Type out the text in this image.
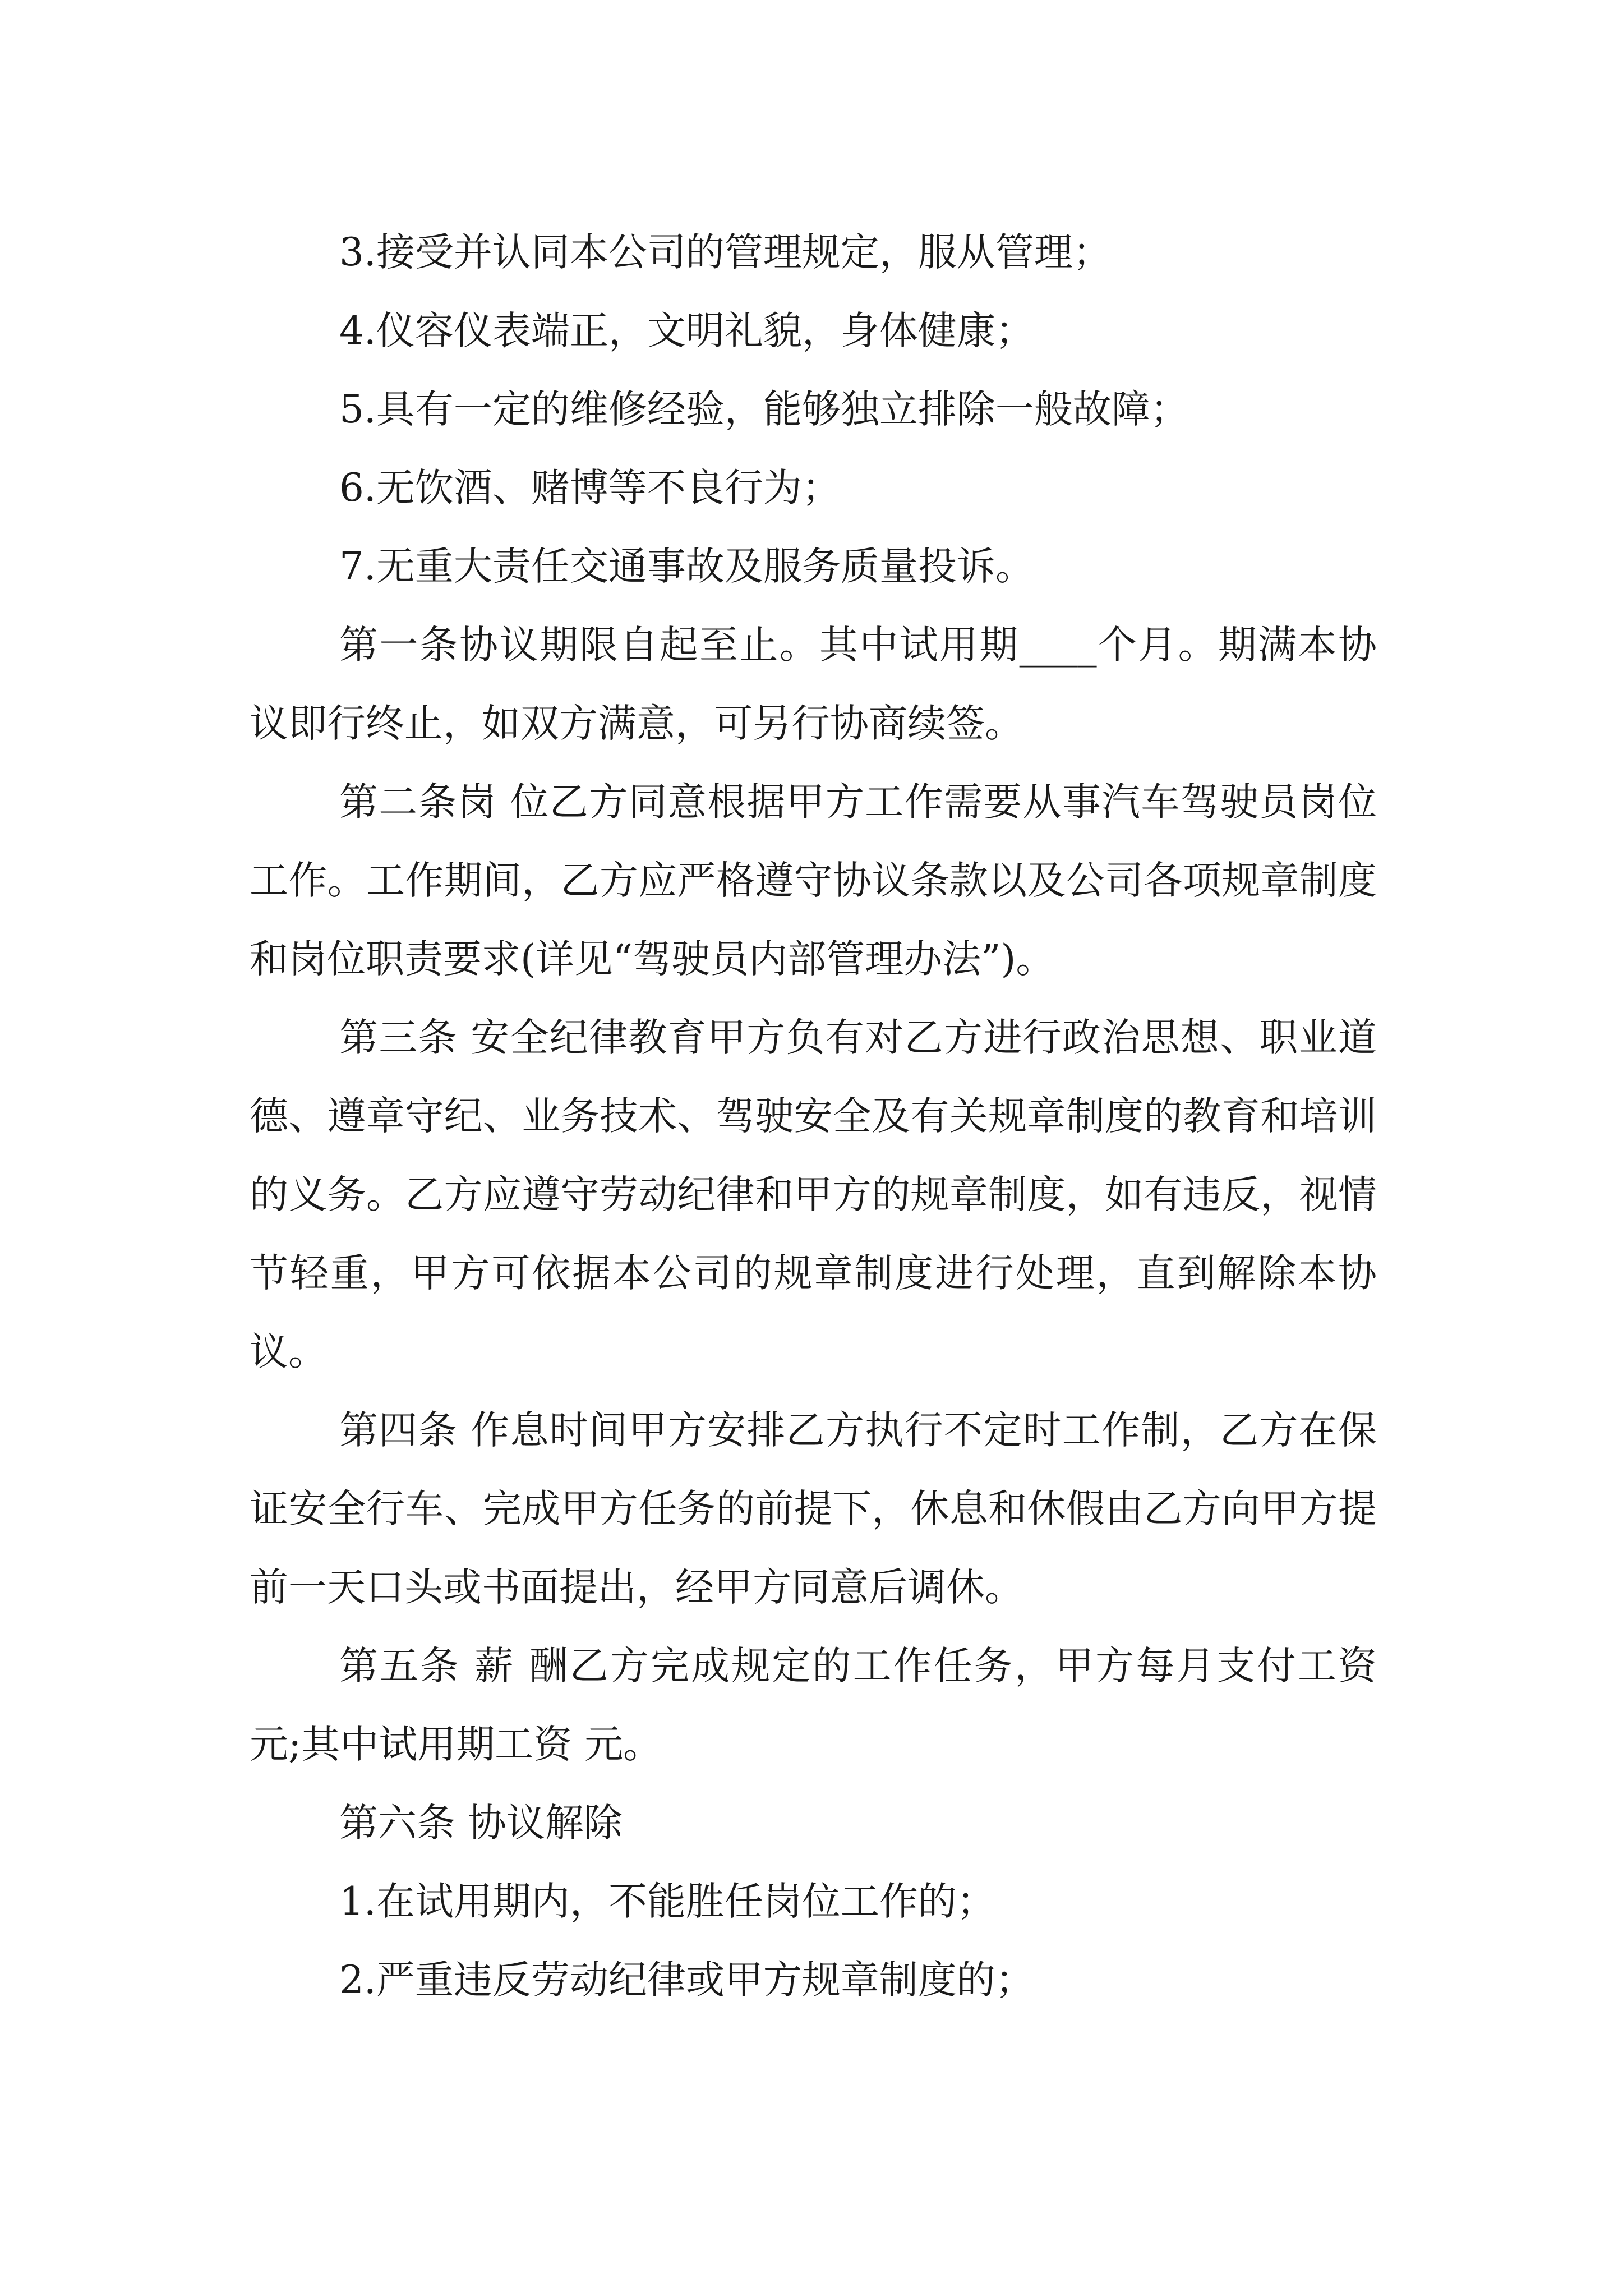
3.接受并认同本公司的管理规定，服从管理；

4.仪容仪表端正，文明礼貌，身体健康；

5.具有一定的维修经验，能够独立排除一般故障；

6.无饮酒、赌博等不良行为；

7.无重大责任交通事故及服务质量投诉。

第一条协议期限自起至止。其中试用期____个月。期满本协议即行终止，如双方满意，可另行协商续签。

第二条岗 位乙方同意根据甲方工作需要从事汽车驾驶员岗位工作。工作期间，乙方应严格遵守协议条款以及公司各项规章制度和岗位职责要求(详见“驾驶员内部管理办法”)。

第三条 安全纪律教育甲方负有对乙方进行政治思想、职业道德、遵章守纪、业务技术、驾驶安全及有关规章制度的教育和培训的义务。乙方应遵守劳动纪律和甲方的规章制度，如有违反，视情节轻重，甲方可依据本公司的规章制度进行处理，直到解除本协议。

第四条 作息时间甲方安排乙方执行不定时工作制，乙方在保证安全行车、完成甲方任务的前提下，休息和休假由乙方向甲方提前一天口头或书面提出，经甲方同意后调休。

第五条 薪 酬乙方完成规定的工作任务，甲方每月支付工资 元;其中试用期工资 元。

第六条 协议解除

1.在试用期内，不能胜任岗位工作的；

2.严重违反劳动纪律或甲方规章制度的；
